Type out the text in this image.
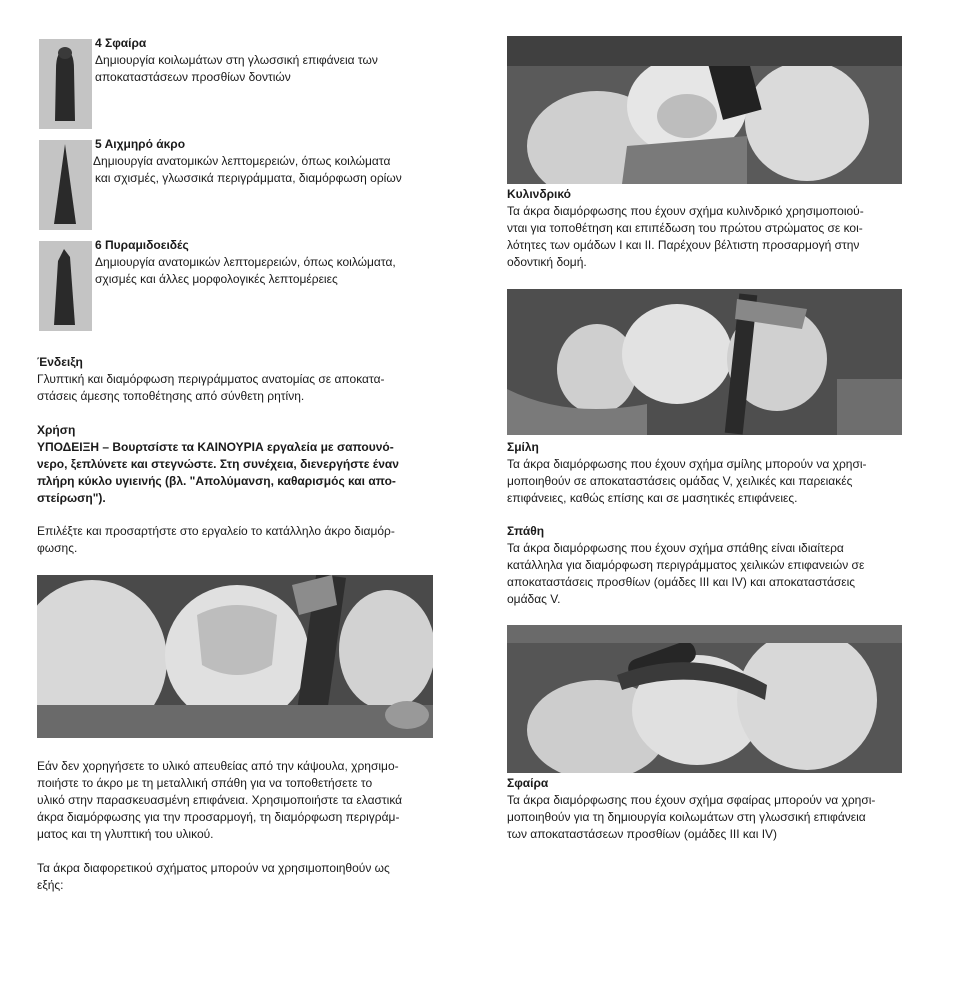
4 Σφαίρα

Δημιουργία κοιλωμάτων στη γλωσσική επιφάνεια των

αποκαταστάσεων προσθίων δοντιών

5 Αιχμηρό άκρο

Δημιουργία ανατομικών λεπτομερειών, όπως κοιλώματα

και σχισμές, γλωσσικά περιγράμματα, διαμόρφωση ορίων

6 Πυραμιδοειδές

Δημιουργία ανατομικών λεπτομερειών, όπως κοιλώματα,

σχισμές και άλλες μορφολογικές λεπτομέρειες

Ένδειξη

Γλυπτική και διαμόρφωση περιγράμματος ανατομίας σε αποκατα-

στάσεις άμεσης τοποθέτησης από σύνθετη ρητίνη.

Χρήση

ΥΠΟΔΕΙΞΗ – Βουρτσίστε τα ΚΑΙΝΟΥΡΙΑ εργαλεία με σαπουνό-

νερο, ξεπλύνετε και στεγνώστε. Στη συνέχεια, διενεργήστε έναν

πλήρη κύκλο υγιεινής (βλ. "Απολύμανση, καθαρισμός και απο-

στείρωση").

Επιλέξτε και προσαρτήστε στο εργαλείο το κατάλληλο άκρο διαμόρ-

φωσης.

Εάν δεν χορηγήσετε το υλικό απευθείας από την κάψουλα, χρησιμο-

ποιήστε το άκρο με τη μεταλλική σπάθη για να τοποθετήσετε το

υλικό στην παρασκευασμένη επιφάνεια. Χρησιμοποιήστε τα ελαστικά

άκρα διαμόρφωσης για την προσαρμογή, τη διαμόρφωση περιγράμ-

ματος και τη γλυπτική του υλικού.

Τα άκρα διαφορετικού σχήματος μπορούν να χρησιμοποιηθούν ως

εξής:

Κυλινδρικό

Τα άκρα διαμόρφωσης που έχουν σχήμα κυλινδρικό χρησιμοποιού-

νται για τοποθέτηση και επιπέδωση του πρώτου στρώματος σε κοι-

λότητες των ομάδων I και II. Παρέχουν βέλτιστη προσαρμογή στην

οδοντική δομή.

Σμίλη

Τα άκρα διαμόρφωσης που έχουν σχήμα σμίλης μπορούν να χρησι-

μοποιηθούν σε αποκαταστάσεις ομάδας V, χειλικές και παρειακές

επιφάνειες, καθώς επίσης και σε μασητικές επιφάνειες.

Σπάθη

Τα άκρα διαμόρφωσης που έχουν σχήμα σπάθης είναι ιδιαίτερα

κατάλληλα για διαμόρφωση περιγράμματος χειλικών επιφανειών σε

αποκαταστάσεις προσθίων (ομάδες III και IV) και αποκαταστάσεις

ομάδας V.

Σφαίρα

Τα άκρα διαμόρφωσης που έχουν σχήμα σφαίρας μπορούν να χρησι-

μοποιηθούν για τη δημιουργία κοιλωμάτων στη γλωσσική επιφάνεια

των αποκαταστάσεων προσθίων (ομάδες III και IV)
